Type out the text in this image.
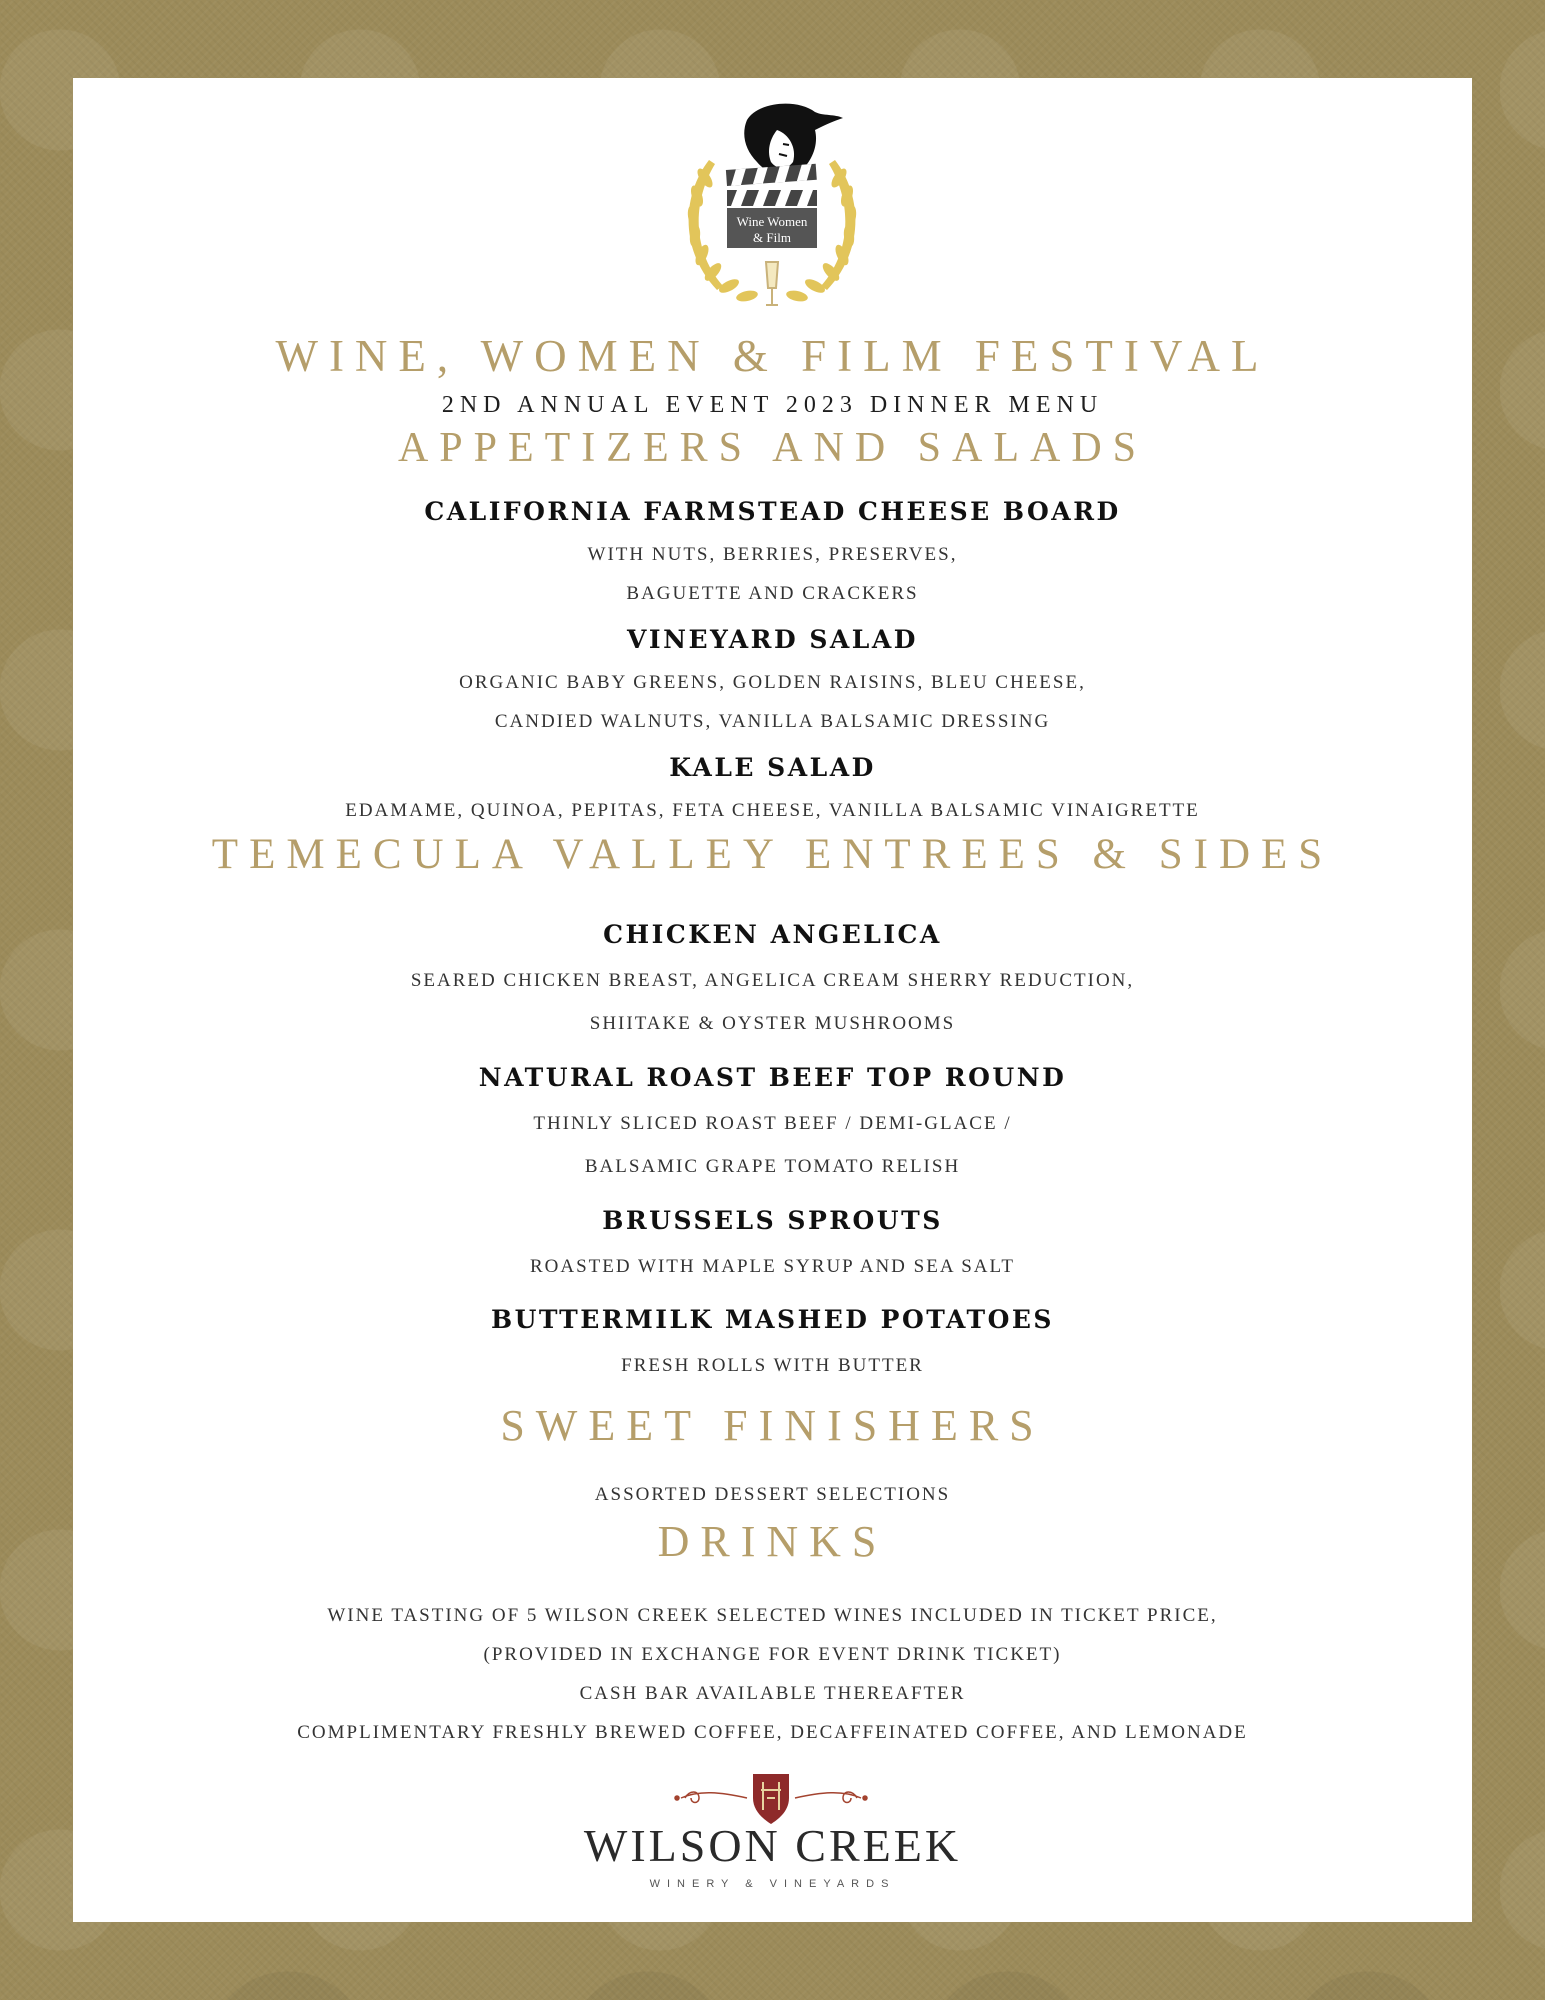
Wine Women
& Film
WINE, WOMEN & FILM FESTIVAL
2ND ANNUAL EVENT 2023 DINNER MENU
APPETIZERS AND SALADS
CALIFORNIA FARMSTEAD CHEESE BOARD
WITH NUTS, BERRIES, PRESERVES,
BAGUETTE AND CRACKERS
VINEYARD SALAD
ORGANIC BABY GREENS, GOLDEN RAISINS, BLEU CHEESE,
CANDIED WALNUTS, VANILLA BALSAMIC DRESSING
KALE SALAD
EDAMAME, QUINOA, PEPITAS, FETA CHEESE, VANILLA BALSAMIC VINAIGRETTE
TEMECULA VALLEY ENTREES & SIDES
CHICKEN ANGELICA
SEARED CHICKEN BREAST, ANGELICA CREAM SHERRY REDUCTION,
SHIITAKE & OYSTER MUSHROOMS
NATURAL ROAST BEEF TOP ROUND
THINLY SLICED ROAST BEEF / DEMI-GLACE /
BALSAMIC GRAPE TOMATO RELISH
BRUSSELS SPROUTS
ROASTED WITH MAPLE SYRUP AND SEA SALT
BUTTERMILK MASHED POTATOES
FRESH ROLLS WITH BUTTER
SWEET FINISHERS
ASSORTED DESSERT SELECTIONS
DRINKS
WINE TASTING OF 5 WILSON CREEK SELECTED WINES INCLUDED IN TICKET PRICE,
(PROVIDED IN EXCHANGE FOR EVENT DRINK TICKET)
CASH BAR AVAILABLE THEREAFTER
COMPLIMENTARY FRESHLY BREWED COFFEE, DECAFFEINATED COFFEE, AND LEMONADE
WILSON CREEK
WINERY & VINEYARDS
